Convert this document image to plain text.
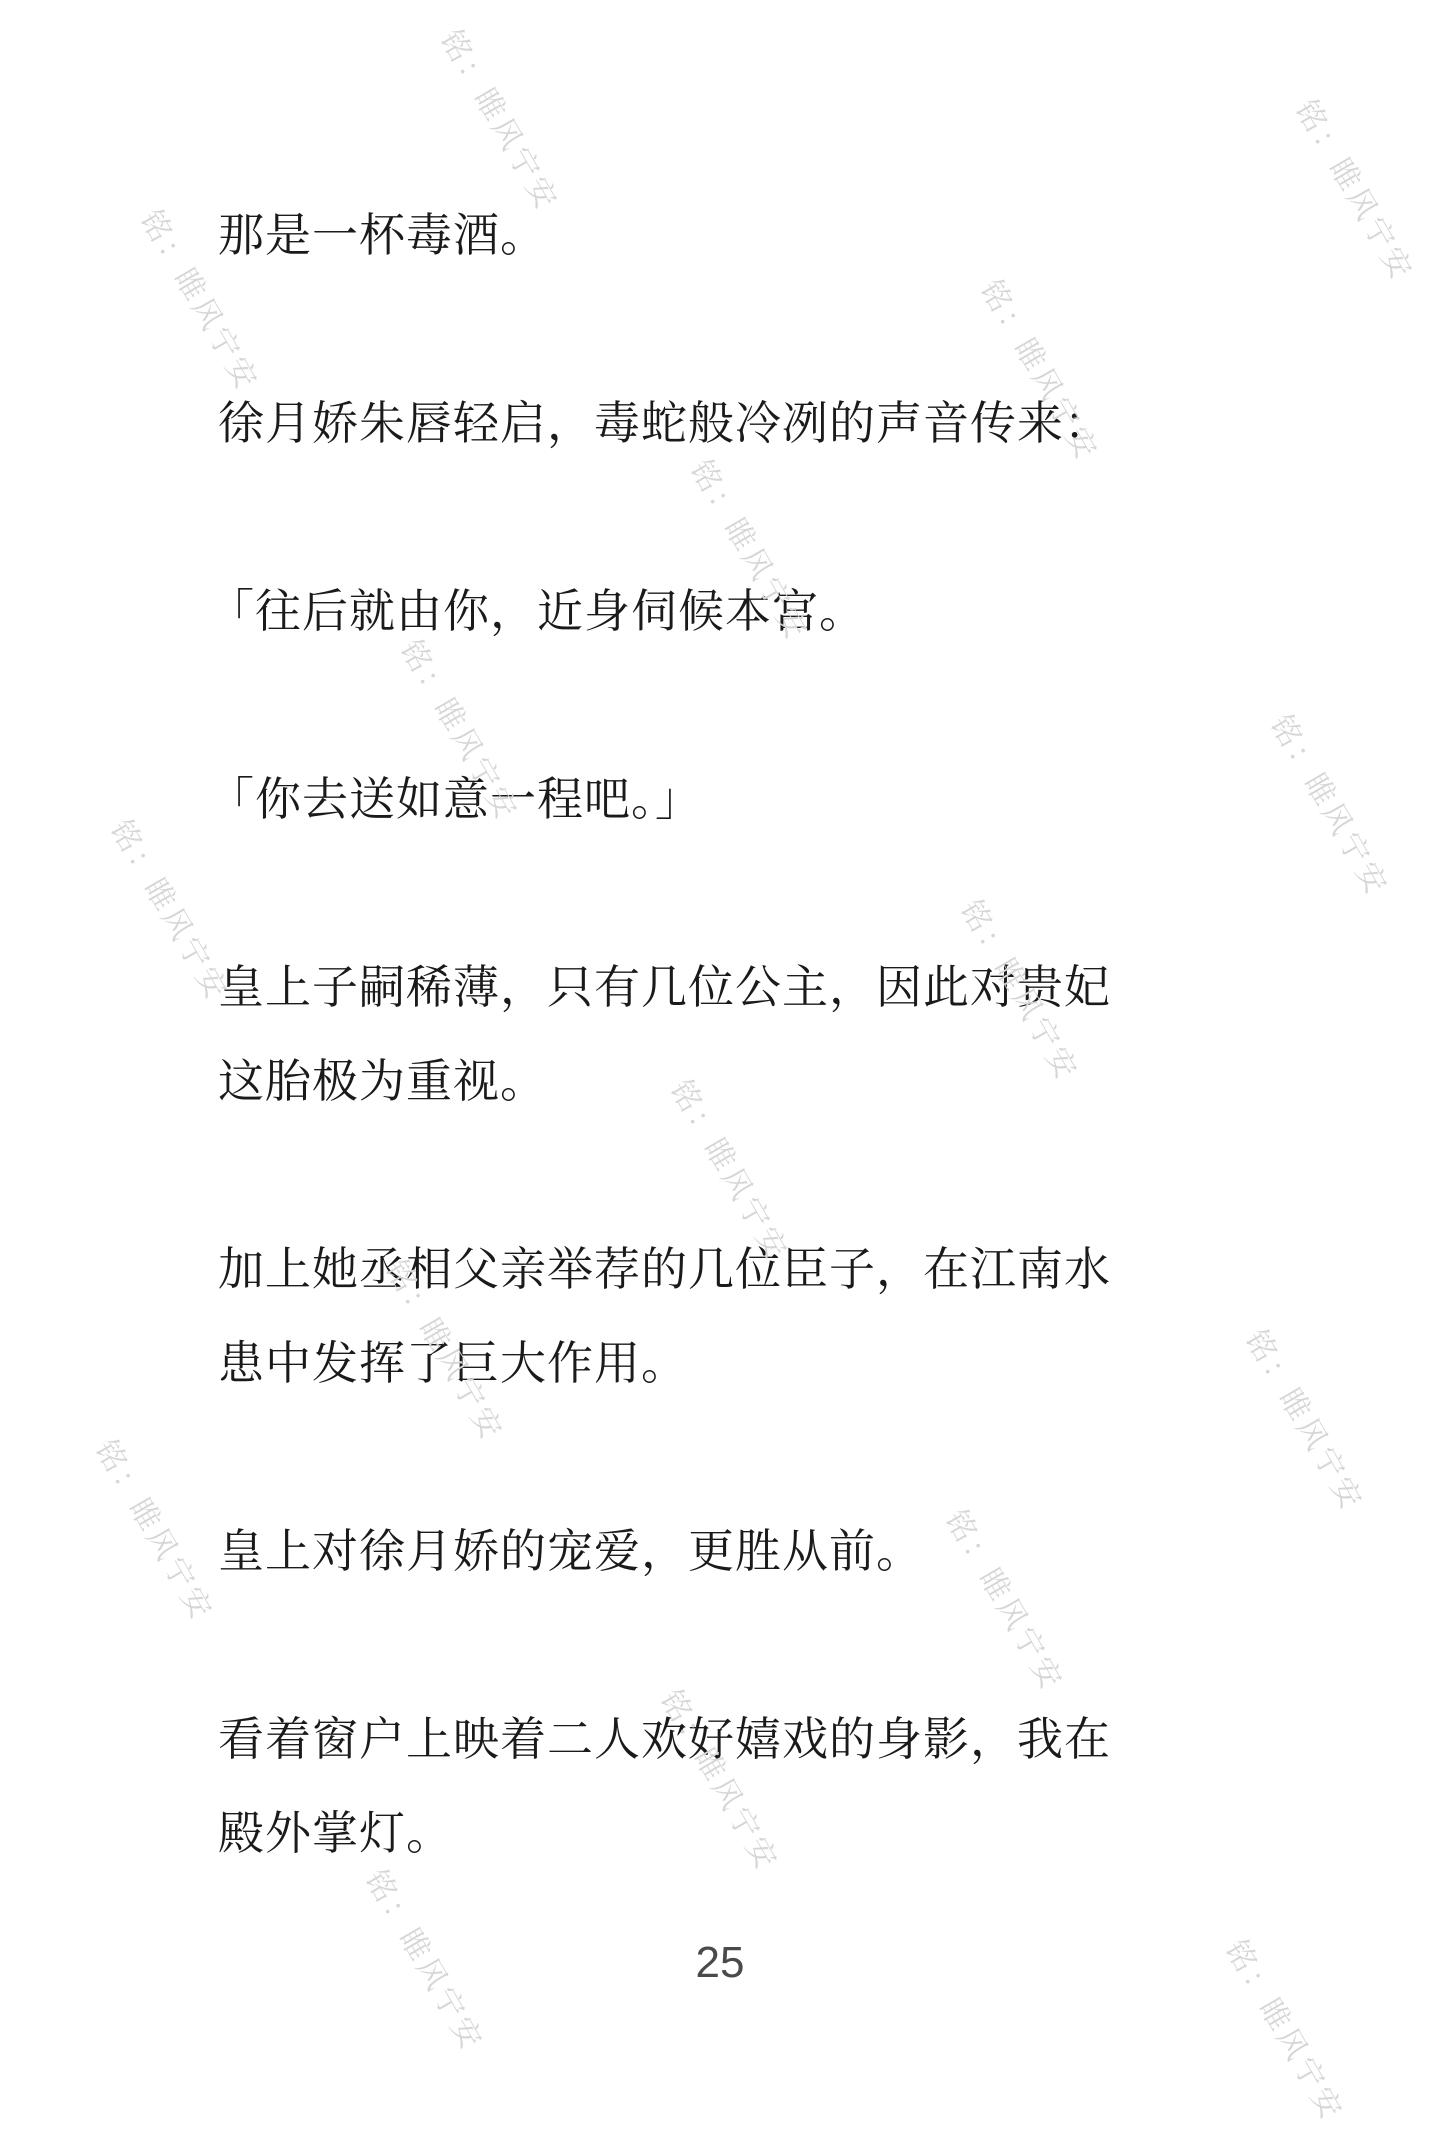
那是一杯毒酒。

徐月娇朱唇轻启，毒蛇般冷冽的声音传来：

「往后就由你，近身伺候本宫。

「你去送如意一程吧。」

皇上子嗣稀薄，只有几位公主，因此对贵妃
这胎极为重视。

加上她丞相父亲举荐的几位臣子，在江南水
患中发挥了巨大作用。

皇上对徐月娇的宠爱，更胜从前。

看着窗户上映着二人欢好嬉戏的身影，我在
殿外掌灯。

25
铭：睢风宁安	铭：睢风宁安
铭：睢风宁安	铭：睢风宁安
铭：睢风宁安
铭：睢风宁安	铭：睢风宁安
铭：睢风宁安	铭：睢风宁安
铭：睢风宁安
铭：睢风宁安	铭：睢风宁安
铭：睢风宁安	铭：睢风宁安
铭：睢风宁安
铭：睢风宁安	铭：睢风宁安
